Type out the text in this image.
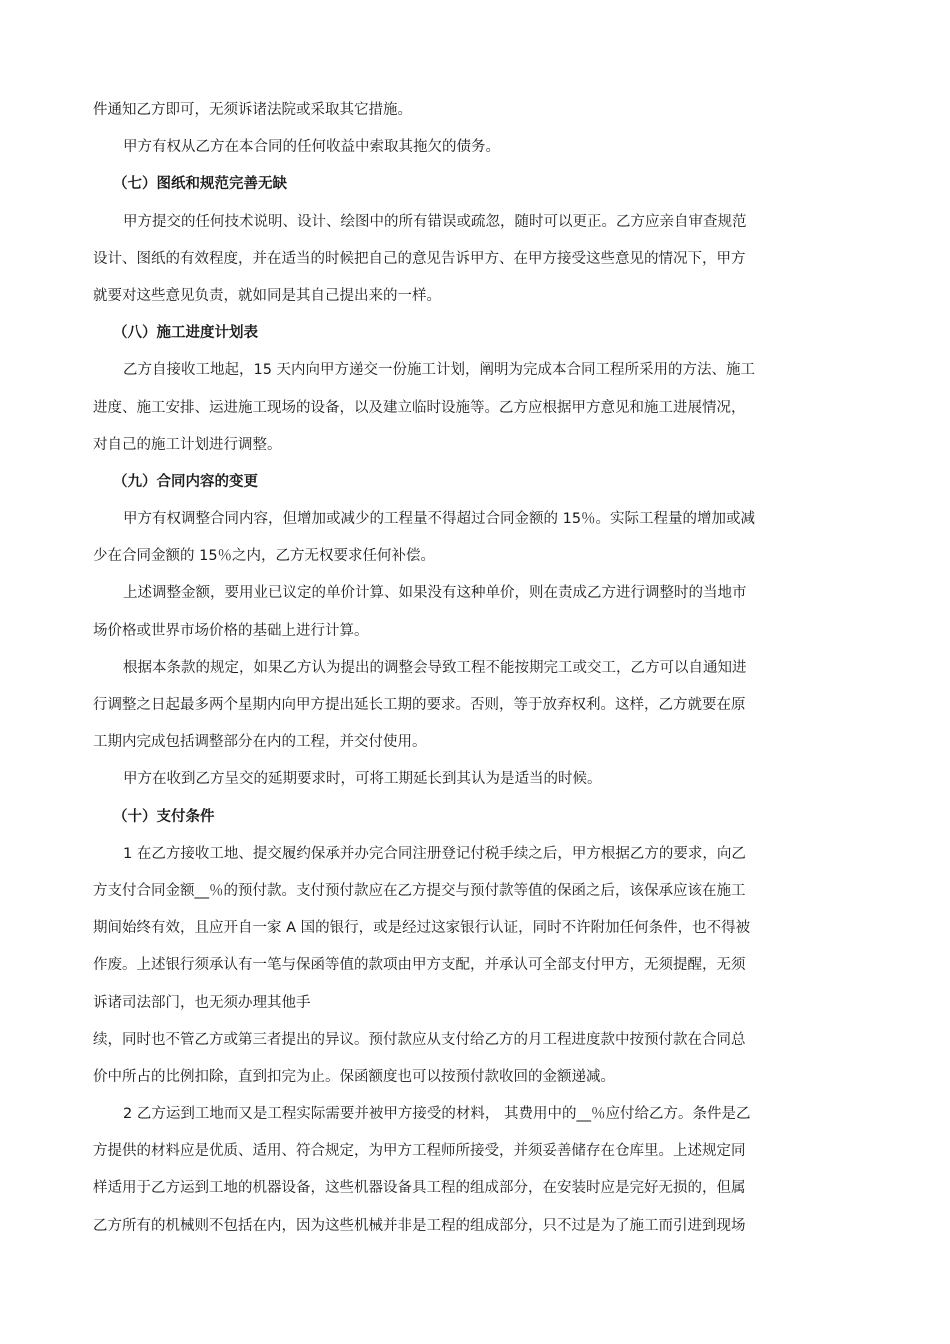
件通知乙方即可，无须诉诸法院或采取其它措施。
甲方有权从乙方在本合同的任何收益中索取其拖欠的债务。
（七）图纸和规范完善无缺
甲方提交的任何技术说明、设计、绘图中的所有错误或疏忽，随时可以更正。乙方应亲自审查规范
设计、图纸的有效程度，并在适当的时候把自己的意见告诉甲方、在甲方接受这些意见的情况下，甲方
就要对这些意见负责，就如同是其自己提出来的一样。
（八）施工进度计划表
乙方自接收工地起，15 天内向甲方递交一份施工计划，阐明为完成本合同工程所采用的方法、施工
进度、施工安排、运进施工现场的设备，以及建立临时设施等。乙方应根据甲方意见和施工进展情况，
对自己的施工计划进行调整。
（九）合同内容的变更
甲方有权调整合同内容，但增加或减少的工程量不得超过合同金额的 15％。实际工程量的增加或减
少在合同金额的 15％之内，乙方无权要求任何补偿。
上述调整金额，要用业已议定的单价计算、如果没有这种单价，则在责成乙方进行调整时的当地市
场价格或世界市场价格的基础上进行计算。
根据本条款的规定，如果乙方认为提出的调整会导致工程不能按期完工或交工，乙方可以自通知进
行调整之日起最多两个星期内向甲方提出延长工期的要求。否则，等于放弃权利。这样，乙方就要在原
工期内完成包括调整部分在内的工程，并交付使用。
甲方在收到乙方呈交的延期要求时，可将工期延长到其认为是适当的时候。
（十）支付条件
1 在乙方接收工地、提交履约保承并办完合同注册登记付税手续之后，甲方根据乙方的要求，向乙
方支付合同金额__％的预付款。支付预付款应在乙方提交与预付款等值的保函之后，该保承应该在施工
期间始终有效，且应开自一家 A 国的银行，或是经过这家银行认证，同时不许附加任何条件，也不得被
作废。上述银行须承认有一笔与保函等值的款项由甲方支配，并承认可全部支付甲方，无须提醒，无须
诉诸司法部门，也无须办理其他手
续，同时也不管乙方或第三者提出的异议。预付款应从支付给乙方的月工程进度款中按预付款在合同总
价中所占的比例扣除，直到扣完为止。保函额度也可以按预付款收回的金额递减。
2 乙方运到工地而又是工程实际需要并被甲方接受的材料， 其费用中的__％应付给乙方。条件是乙
方提供的材料应是优质、适用、符合规定，为甲方工程师所接受，并须妥善储存在仓库里。上述规定同
样适用于乙方运到工地的机器设备，这些机器设备具工程的组成部分，在安装时应是完好无损的，但属
乙方所有的机械则不包括在内，因为这些机械并非是工程的组成部分，只不过是为了施工而引进到现场
